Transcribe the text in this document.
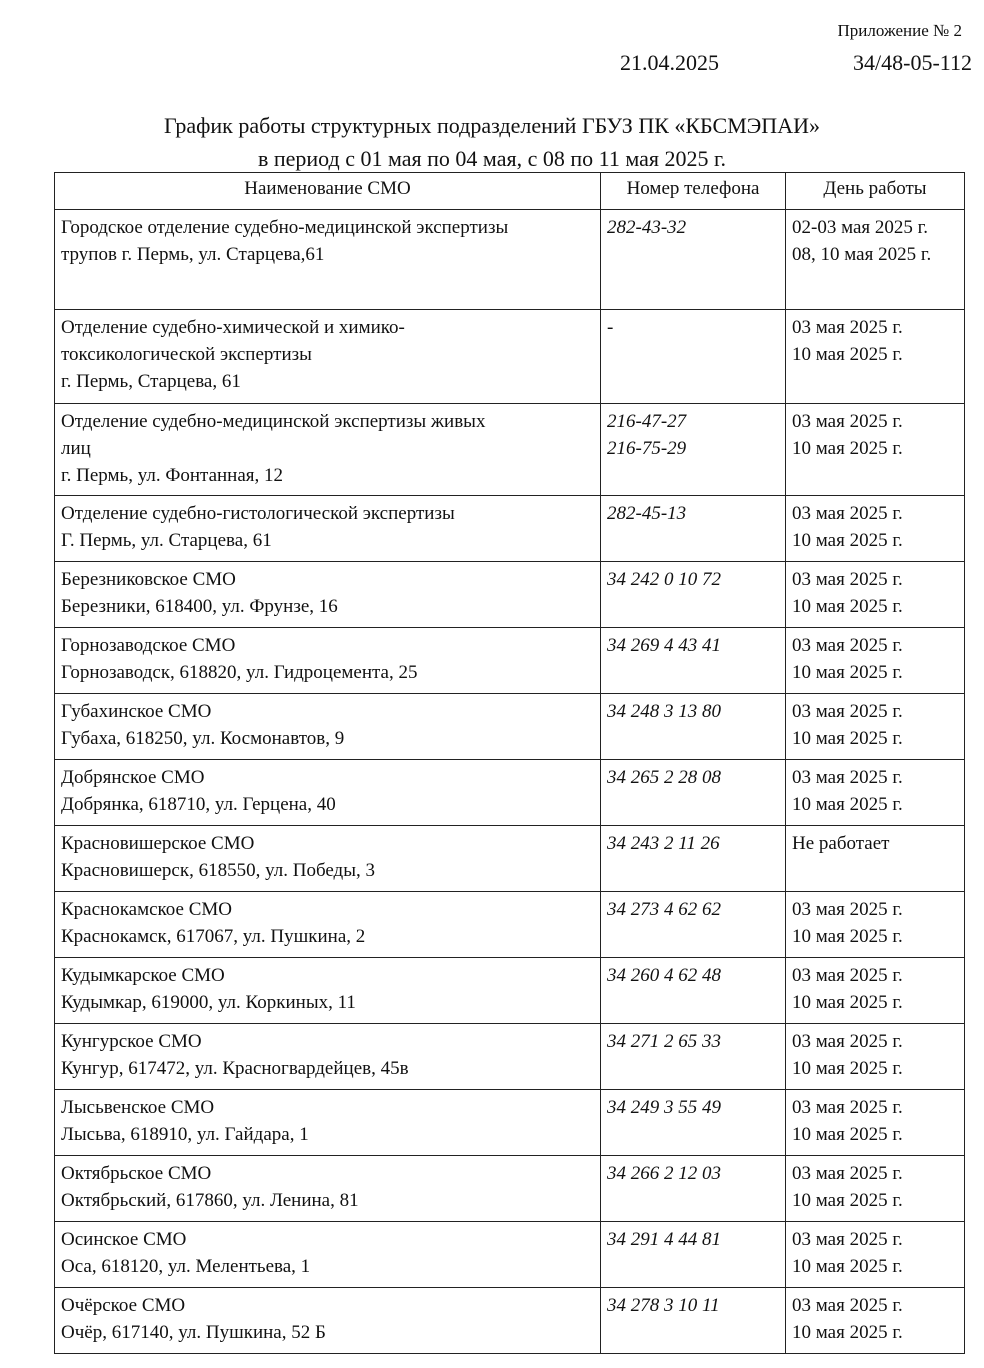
Приложение № 2
21.04.2025	34/48-05-112
График работы структурных подразделений ГБУЗ ПК «КБСМЭПАИ»
в период с 01 мая по 04 мая, с 08 по 11 мая 2025 г.
Наименование СМО	Номер телефона	День работы

Городское отделение судебно-медицинской экспертизы
трупов г. Пермь, ул. Старцева,61	282-43-32	02-03 мая 2025 г.
08, 10 мая 2025 г.

Отделение судебно-химической и химико-
токсикологической экспертизы
г. Пермь, Старцева, 61	-	03 мая 2025 г.
10 мая 2025 г.

Отделение судебно-медицинской экспертизы живых
лиц
г. Пермь, ул. Фонтанная, 12	216-47-27
216-75-29	03 мая 2025 г.
10 мая 2025 г.

Отделение судебно-гистологической экспертизы
Г. Пермь, ул. Старцева, 61	282-45-13	03 мая 2025 г.
10 мая 2025 г.

Березниковское СМО
Березники, 618400, ул. Фрунзе, 16	34 242 0 10 72	03 мая 2025 г.
10 мая 2025 г.

Горнозаводское СМО
Горнозаводск, 618820, ул. Гидроцемента, 25	34 269 4 43 41	03 мая 2025 г.
10 мая 2025 г.

Губахинское СМО
Губаха, 618250, ул. Космонавтов, 9	34 248 3 13 80	03 мая 2025 г.
10 мая 2025 г.

Добрянское СМО
Добрянка, 618710, ул. Герцена, 40	34 265 2 28 08	03 мая 2025 г.
10 мая 2025 г.

Красновишерское СМО
Красновишерск, 618550, ул. Победы, 3	34 243 2 11 26	Не работает

Краснокамское СМО
Краснокамск, 617067, ул. Пушкина, 2	34 273 4 62 62	03 мая 2025 г.
10 мая 2025 г.

Кудымкарское СМО
Кудымкар, 619000, ул. Коркиных, 11	34 260 4 62 48	03 мая 2025 г.
10 мая 2025 г.

Кунгурское СМО
Кунгур, 617472, ул. Красногвардейцев, 45в	34 271 2 65 33	03 мая 2025 г.
10 мая 2025 г.

Лысьвенское СМО
Лысьва, 618910, ул. Гайдара, 1	34 249 3 55 49	03 мая 2025 г.
10 мая 2025 г.

Октябрьское СМО
Октябрьский, 617860, ул. Ленина, 81	34 266 2 12 03	03 мая 2025 г.
10 мая 2025 г.

Осинское СМО
Оса, 618120, ул. Мелентьева, 1	34 291 4 44 81	03 мая 2025 г.
10 мая 2025 г.

Очёрское СМО
Очёр, 617140, ул. Пушкина, 52 Б	34 278 3 10 11	03 мая 2025 г.
10 мая 2025 г.
